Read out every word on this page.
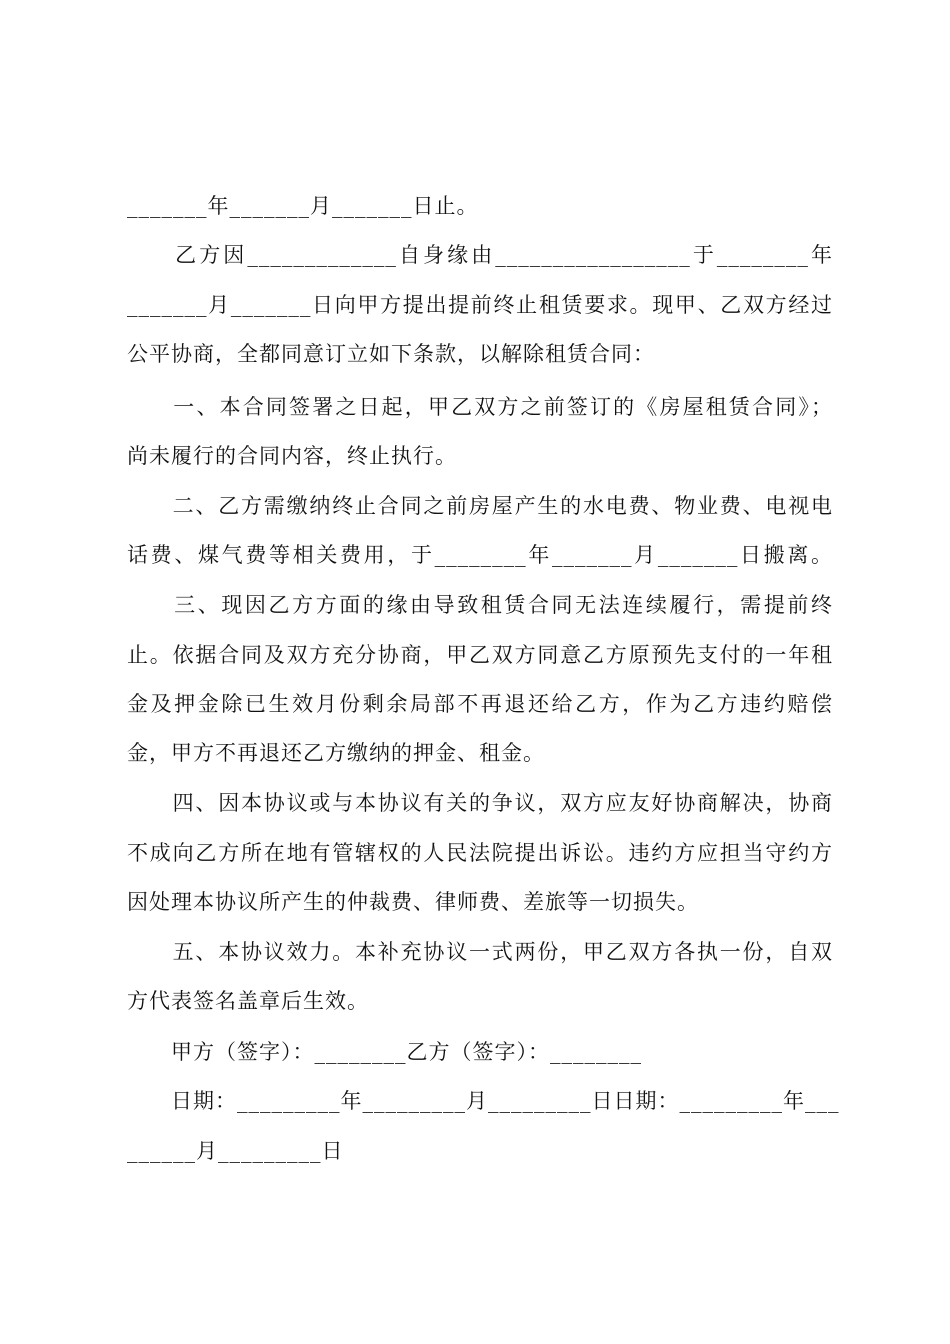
_______年_______月_______日止。
　　乙方因_____________自身缘由_________________于________年
_______月_______日向甲方提出提前终止租赁要求。现甲、乙双方经过
公平协商，全都同意订立如下条款，以解除租赁合同：
　　一、本合同签署之日起，甲乙双方之前签订的《房屋租赁合同》；
尚未履行的合同内容，终止执行。
　　二、乙方需缴纳终止合同之前房屋产生的水电费、物业费、电视电
话费、煤气费等相关费用，于________年_______月_______日搬离。
　　三、现因乙方方面的缘由导致租赁合同无法连续履行，需提前终
止。依据合同及双方充分协商，甲乙双方同意乙方原预先支付的一年租
金及押金除已生效月份剩余局部不再退还给乙方，作为乙方违约赔偿
金，甲方不再退还乙方缴纳的押金、租金。
　　四、因本协议或与本协议有关的争议，双方应友好协商解决，协商
不成向乙方所在地有管辖权的人民法院提出诉讼。违约方应担当守约方
因处理本协议所产生的仲裁费、律师费、差旅等一切损失。
　　五、本协议效力。本补充协议一式两份，甲乙双方各执一份，自双
方代表签名盖章后生效。
　　甲方（签字）：________乙方（签字）：________
　　日期：_________年_________月_________日日期：_________年___
______月_________日
